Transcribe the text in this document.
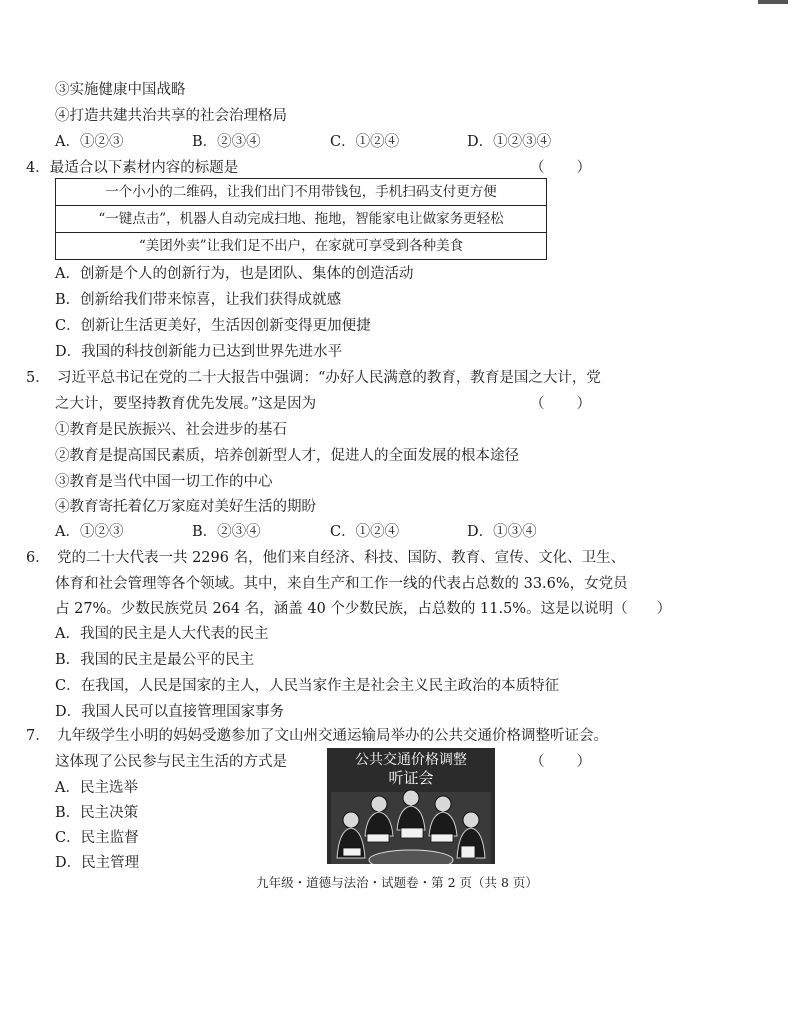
③实施健康中国战略
④打造共建共治共享的社会治理格局
A．①②③	B．②③④	C．①②④	D．①②③④
4．最适合以下素材内容的标题是	（　　）
一个小小的二维码，让我们出门不用带钱包，手机扫码支付更方便
“一键点击”，机器人自动完成扫地、拖地，智能家电让做家务更轻松
“美团外卖”让我们足不出户，在家就可享受到各种美食
A．创新是个人的创新行为，也是团队、集体的创造活动
B．创新给我们带来惊喜，让我们获得成就感
C．创新让生活更美好，生活因创新变得更加便捷
D．我国的科技创新能力已达到世界先进水平
5．　习近平总书记在党的二十大报告中强调：“办好人民满意的教育，教育是国之大计，党
之大计，要坚持教育优先发展。”这是因为	（　　）
①教育是民族振兴、社会进步的基石
②教育是提高国民素质，培养创新型人才，促进人的全面发展的根本途径
③教育是当代中国一切工作的中心
④教育寄托着亿万家庭对美好生活的期盼
A．①②③	B．②③④	C．①②④	D．①③④
6．　党的二十大代表一共 2296 名，他们来自经济、科技、国防、教育、宣传、文化、卫生、
体育和社会管理等各个领域。其中，来自生产和工作一线的代表占总数的 33.6%，女党员
占 27%。少数民族党员 264 名，涵盖 40 个少数民族，占总数的 11.5%。这是以说明（　　）
A．我国的民主是人大代表的民主
B．我国的民主是最公平的民主
C．在我国，人民是国家的主人，人民当家作主是社会主义民主政治的本质特征
D．我国人民可以直接管理国家事务
7．　九年级学生小明的妈妈受邀参加了文山州交通运输局举办的公共交通价格调整听证会。
这体现了公民参与民主生活的方式是	（　　）
A．民主选举
B．民主决策
C．民主监督
D．民主管理
公共交通价格调整
听证会
九年级・道德与法治・试题卷・第 2 页（共 8 页）
